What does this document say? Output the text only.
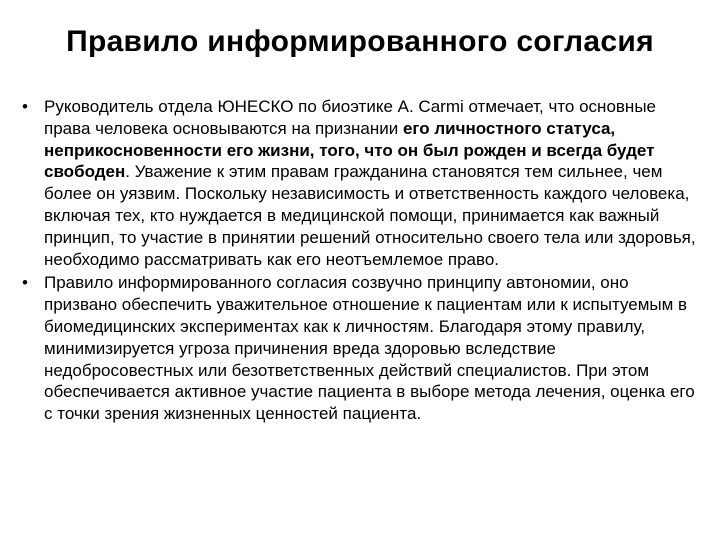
Правило информированного согласия
• Руководитель отдела ЮНЕСКО по биоэтике А. Carmi отмечает, что основные права человека основываются на признании его личностного статуса, неприкосновенности его жизни, того, что он был рожден и всегда будет свободен. Уважение к этим правам гражданина становятся тем сильнее, чем более он уязвим. Поскольку независимость и ответственность каждого человека, включая тех, кто нуждается в медицинской помощи, принимается как важный принцип, то участие в принятии решений относительно своего тела или здоровья, необходимо рассматривать как его неотъемлемое право.
• Правило информированного согласия созвучно принципу автономии, оно призвано обеспечить уважительное отношение к пациентам или к испытуемым в биомедицинских экспериментах как к личностям. Благодаря этому правилу, минимизируется угроза причинения вреда здоровью вследствие недобросовестных или безответственных действий специалистов. При этом обеспечивается активное участие пациента в выборе метода лечения, оценка его с точки зрения жизненных ценностей пациента.
